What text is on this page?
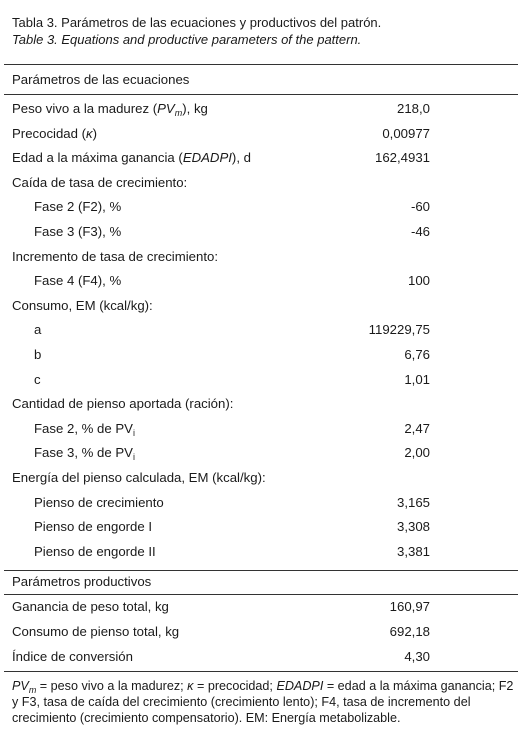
Tabla 3. Parámetros de las ecuaciones y productivos del patrón.
Table 3. Equations and productive parameters of the pattern.
Parámetros de las ecuaciones
Peso vivo a la madurez $(PV_m)$, kg	218,0
Precocidad (κ)	0,00977
Edad a la máxima ganancia (EDADPI), d	162,4931
Caída de tasa de crecimiento:
Fase 2 (F2), %	-60
Fase 3 (F3), %	-46
Incremento de tasa de crecimiento:
Fase 4 (F4), %	100
Consumo, EM (kcal/kg):
a	119229,75
b	6,76
c	1,01
Cantidad de pienso aportada (ración):
Fase 2, % de $PV_i$	2,47
Fase 3, % de $PV_i$	2,00
Energía del pienso calculada, EM (kcal/kg):
Pienso de crecimiento	3,165
Pienso de engorde I	3,308
Pienso de engorde II	3,381
Parámetros productivos
Ganancia de peso total, kg	160,97
Consumo de pienso total, kg	692,18
Índice de conversión	4,30
$PV_m$ = peso vivo a la madurez; κ = precocidad; EDADPI = edad a la máxima ganancia; F2 y F3, tasa de caída del crecimiento (crecimiento lento); F4, tasa de incremento del crecimiento (crecimiento compensatorio). EM: Energía metabolizable.
